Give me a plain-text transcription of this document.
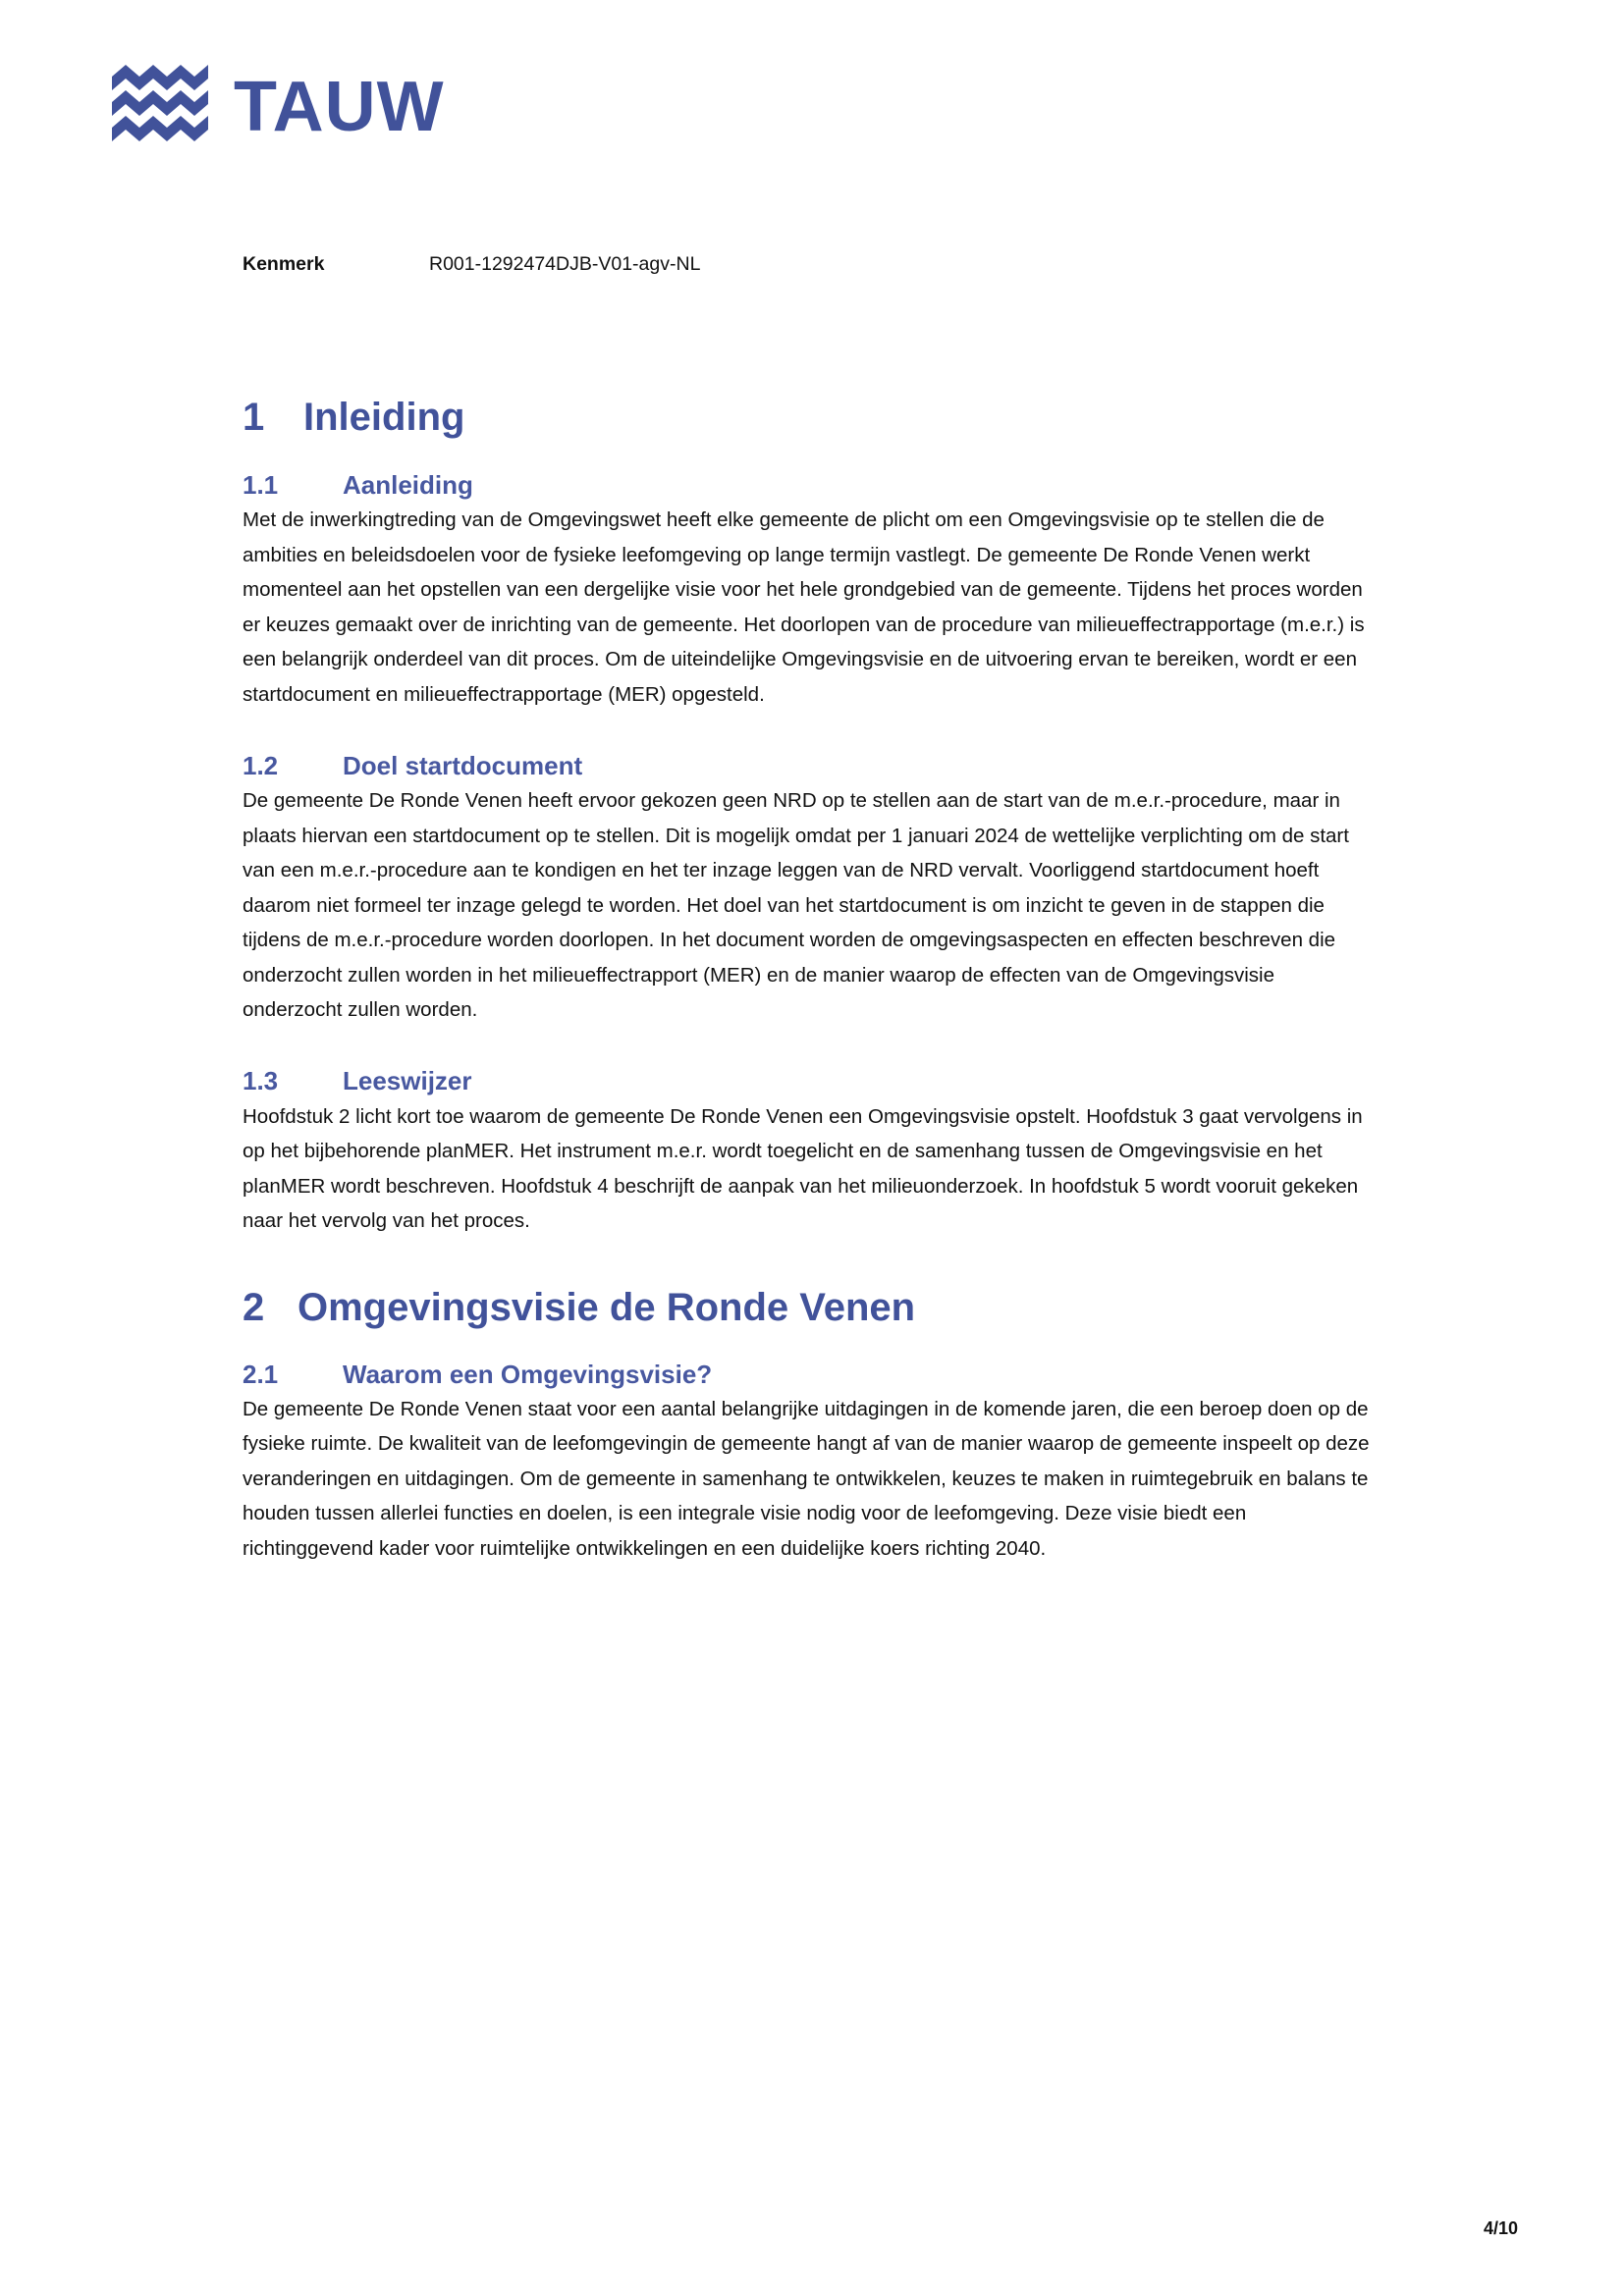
TAUW
Kenmerk	R001-1292474DJB-V01-agv-NL
1 Inleiding
1.1	Aanleiding

Met de inwerkingtreding van de Omgevingswet heeft elke gemeente de plicht om een Omgevingsvisie op te stellen die de ambities en beleidsdoelen voor de fysieke leefomgeving op lange termijn vastlegt. De gemeente De Ronde Venen werkt momenteel aan het opstellen van een dergelijke visie voor het hele grondgebied van de gemeente. Tijdens het proces worden er keuzes gemaakt over de inrichting van de gemeente. Het doorlopen van de procedure van milieueffectrapportage (m.e.r.) is een belangrijk onderdeel van dit proces. Om de uiteindelijke Omgevingsvisie en de uitvoering ervan te bereiken, wordt er een startdocument en milieueffectrapportage (MER) opgesteld.

1.2	Doel startdocument

De gemeente De Ronde Venen heeft ervoor gekozen geen NRD op te stellen aan de start van de m.e.r.-procedure, maar in plaats hiervan een startdocument op te stellen. Dit is mogelijk omdat per 1 januari 2024 de wettelijke verplichting om de start van een m.e.r.-procedure aan te kondigen en het ter inzage leggen van de NRD vervalt. Voorliggend startdocument hoeft daarom niet formeel ter inzage gelegd te worden. Het doel van het startdocument is om inzicht te geven in de stappen die tijdens de m.e.r.-procedure worden doorlopen. In het document worden de omgevingsaspecten en effecten beschreven die onderzocht zullen worden in het milieueffectrapport (MER) en de manier waarop de effecten van de Omgevingsvisie onderzocht zullen worden.

1.3	Leeswijzer

Hoofdstuk 2 licht kort toe waarom de gemeente De Ronde Venen een Omgevingsvisie opstelt. Hoofdstuk 3 gaat vervolgens in op het bijbehorende planMER. Het instrument m.e.r. wordt toegelicht en de samenhang tussen de Omgevingsvisie en het planMER wordt beschreven. Hoofdstuk 4 beschrijft de aanpak van het milieuonderzoek. In hoofdstuk 5 wordt vooruit gekeken naar het vervolg van het proces.

2 Omgevingsvisie de Ronde Venen
2.1	Waarom een Omgevingsvisie?

De gemeente De Ronde Venen staat voor een aantal belangrijke uitdagingen in de komende jaren, die een beroep doen op de fysieke ruimte. De kwaliteit van de leefomgevingin de gemeente hangt af van de manier waarop de gemeente inspeelt op deze veranderingen en uitdagingen. Om de gemeente in samenhang te ontwikkelen, keuzes te maken in ruimtegebruik en balans te houden tussen allerlei functies en doelen, is een integrale visie nodig voor de leefomgeving. Deze visie biedt een richtinggevend kader voor ruimtelijke ontwikkelingen en een duidelijke koers richting 2040.

4/10
